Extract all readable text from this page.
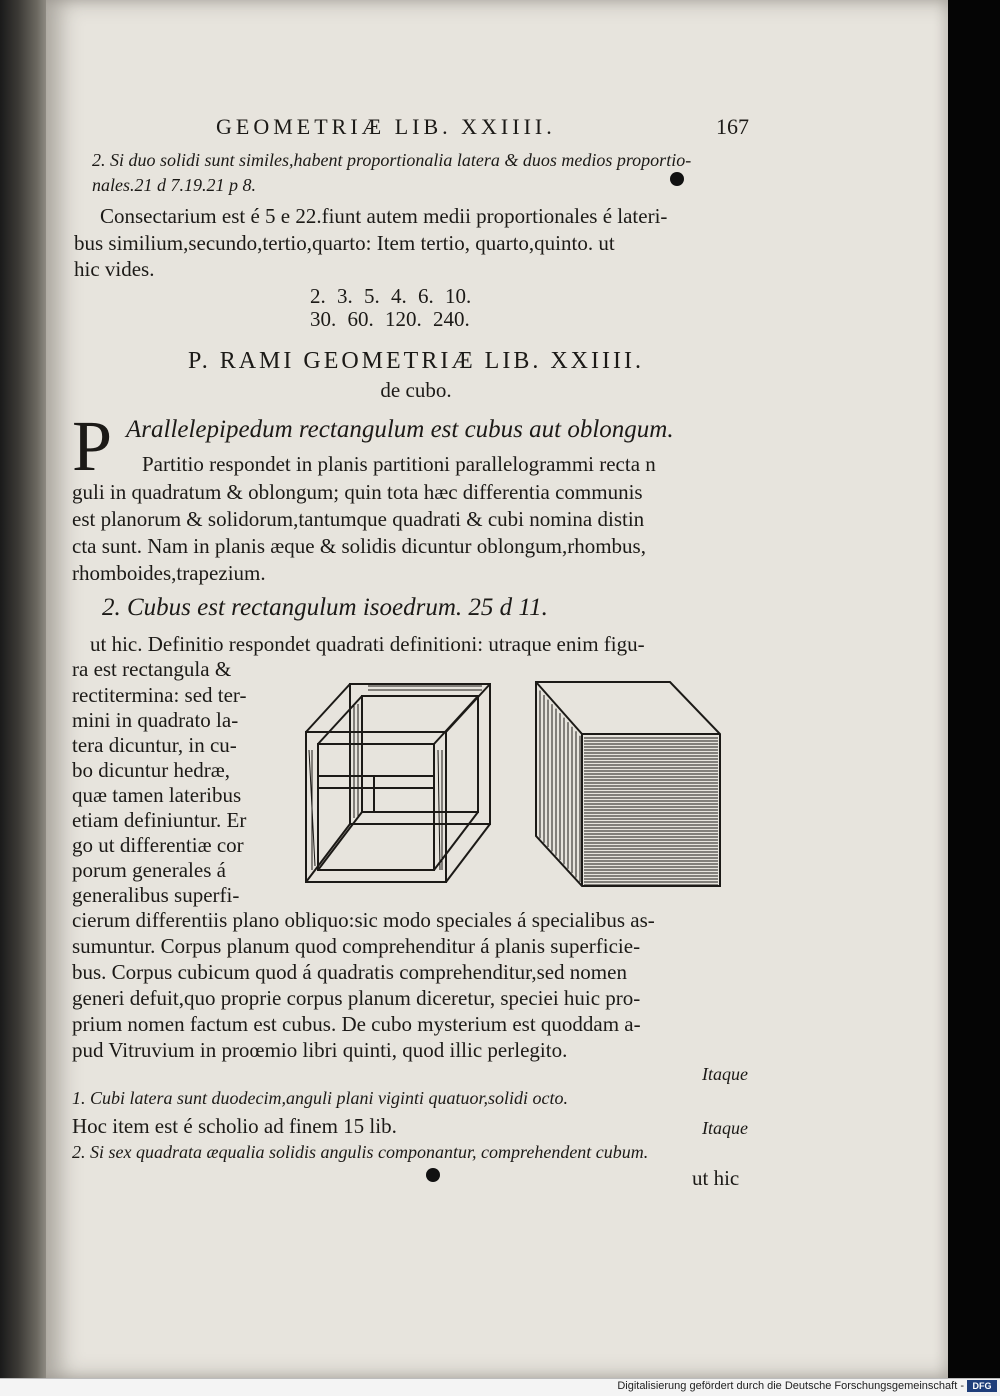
GEOMETRIÆ LIB. XXIIII.	167
2. Si duo solidi sunt similes,habent proportionalia latera & duos medios proportio-
nales.21 d 7.19.21 p 8.
Consectarium est é 5 e 22.fiunt autem medii proportionales é lateri-
bus similium,secundo,tertio,quarto: Item tertio, quarto,quinto. ut
hic vides.
2. 3. 5. 4. 6. 10.
30. 60. 120. 240.
P. RAMI GEOMETRIÆ LIB. XXIIII.
de cubo.
P Arallelepipedum rectangulum est cubus aut oblongum.
Partitio respondet in planis partitioni parallelogrammi recta n
guli in quadratum & oblongum; quin tota hæc differentia communis
est planorum & solidorum,tantumque quadrati & cubi nomina distin
cta sunt. Nam in planis æque & solidis dicuntur oblongum,rhombus,
rhomboides,trapezium.
2. Cubus est rectangulum isoedrum. 25 d 11.
ut hic. Definitio respondet quadrati definitioni: utraque enim figu-
ra est rectangula &
rectitermina: sed ter-
mini in quadrato la-
tera dicuntur, in cu-
bo dicuntur hedræ,
quæ tamen lateribus
etiam definiuntur. Er
go ut differentiæ cor
porum generales á
generalibus superfi-
cierum differentiis plano obliquo:sic modo speciales á specialibus as-
sumuntur. Corpus planum quod comprehenditur á planis superficie-
bus. Corpus cubicum quod á quadratis comprehenditur,sed nomen
generi defuit,quo proprie corpus planum diceretur, speciei huic pro-
prium nomen factum est cubus. De cubo mysterium est quoddam a-
pud Vitruvium in proœmio libri quinti, quod illic perlegito.
Itaque
1. Cubi latera sunt duodecim,anguli plani viginti quatuor,solidi octo.
Hoc item est é scholio ad finem 15 lib.	Itaque
2. Si sex quadrata æqualia solidis angulis componantur, comprehendent cubum.
ut hic
Digitalisierung gefördert durch die Deutsche Forschungsgemeinschaft - DFG
